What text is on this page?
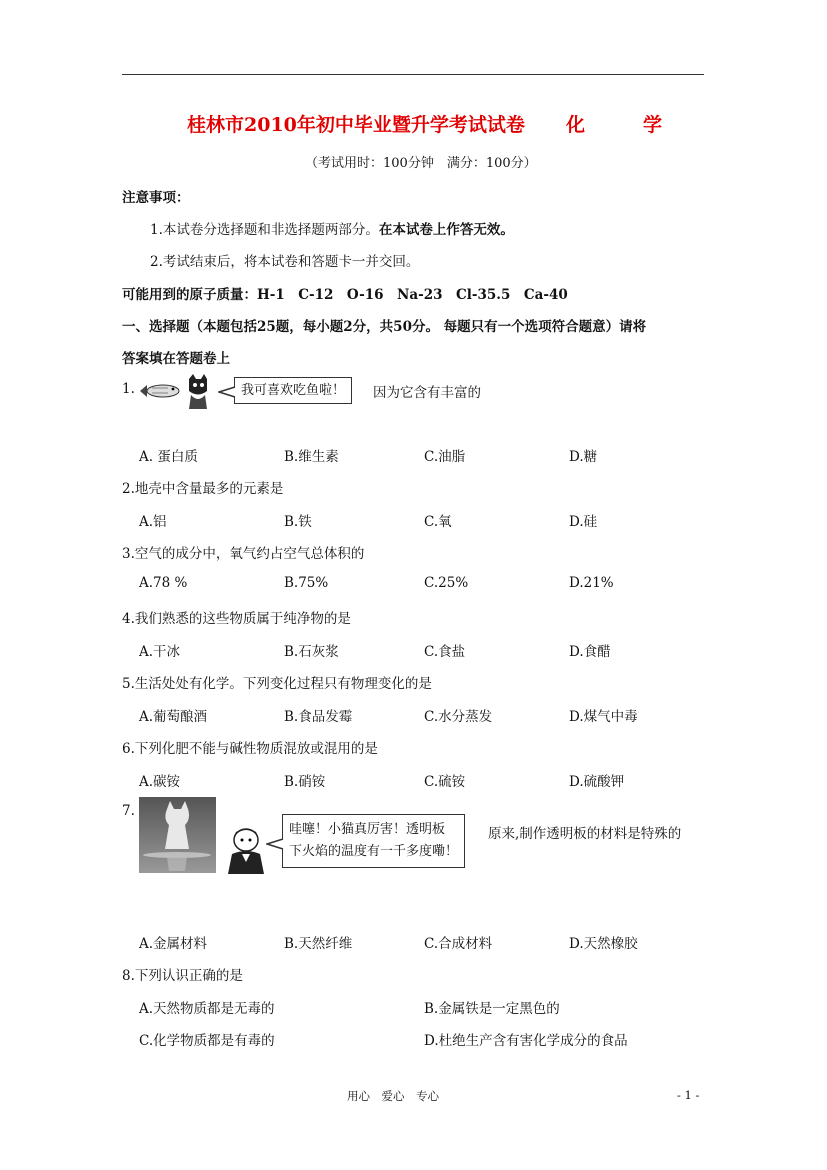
桂林市2010年初中毕业暨升学考试试卷 化	学
（考试用时：100分钟　满分：100分）
注意事项：
1.本试卷分选择题和非选择题两部分。在本试卷上作答无效。
2.考试结束后，将本试卷和答题卡一并交回。
可能用到的原子质量：H-1　C-12　O-16　Na-23　Cl-35.5　Ca-40
一、选择题（本题包括25题，每小题2分，共50分。 每题只有一个选项符合题意）请将
答案填在答题卷上
1.	我可喜欢吃鱼啦！	因为它含有丰富的
A. 蛋白质	B.维生素	C.油脂	D.糖
2.地壳中含量最多的元素是
A.铝	B.铁	C.氧	D.硅
3.空气的成分中，氧气约占空气总体积的
A.78 %	B.75%	C.25%	D.21%
4.我们熟悉的这些物质属于纯净物的是
A.干冰	B.石灰浆	C.食盐	D.食醋
5.生活处处有化学。下列变化过程只有物理变化的是
A.葡萄酿酒	B.食品发霉	C.水分蒸发	D.煤气中毒
6.下列化肥不能与碱性物质混放或混用的是
A.碳铵	B.硝铵	C.硫铵	D.硫酸钾
7.
哇噻！小猫真厉害！透明板
下火焰的温度有一千多度嘞！
原来,制作透明板的材料是特殊的
A.金属材料	B.天然纤维	C.合成材料	D.天然橡胶
8.下列认识正确的是
A.天然物质都是无毒的	B.金属铁是一定黑色的
C.化学物质都是有毒的	D.杜绝生产含有害化学成分的食品
用心　爱心　专心	- 1 -
